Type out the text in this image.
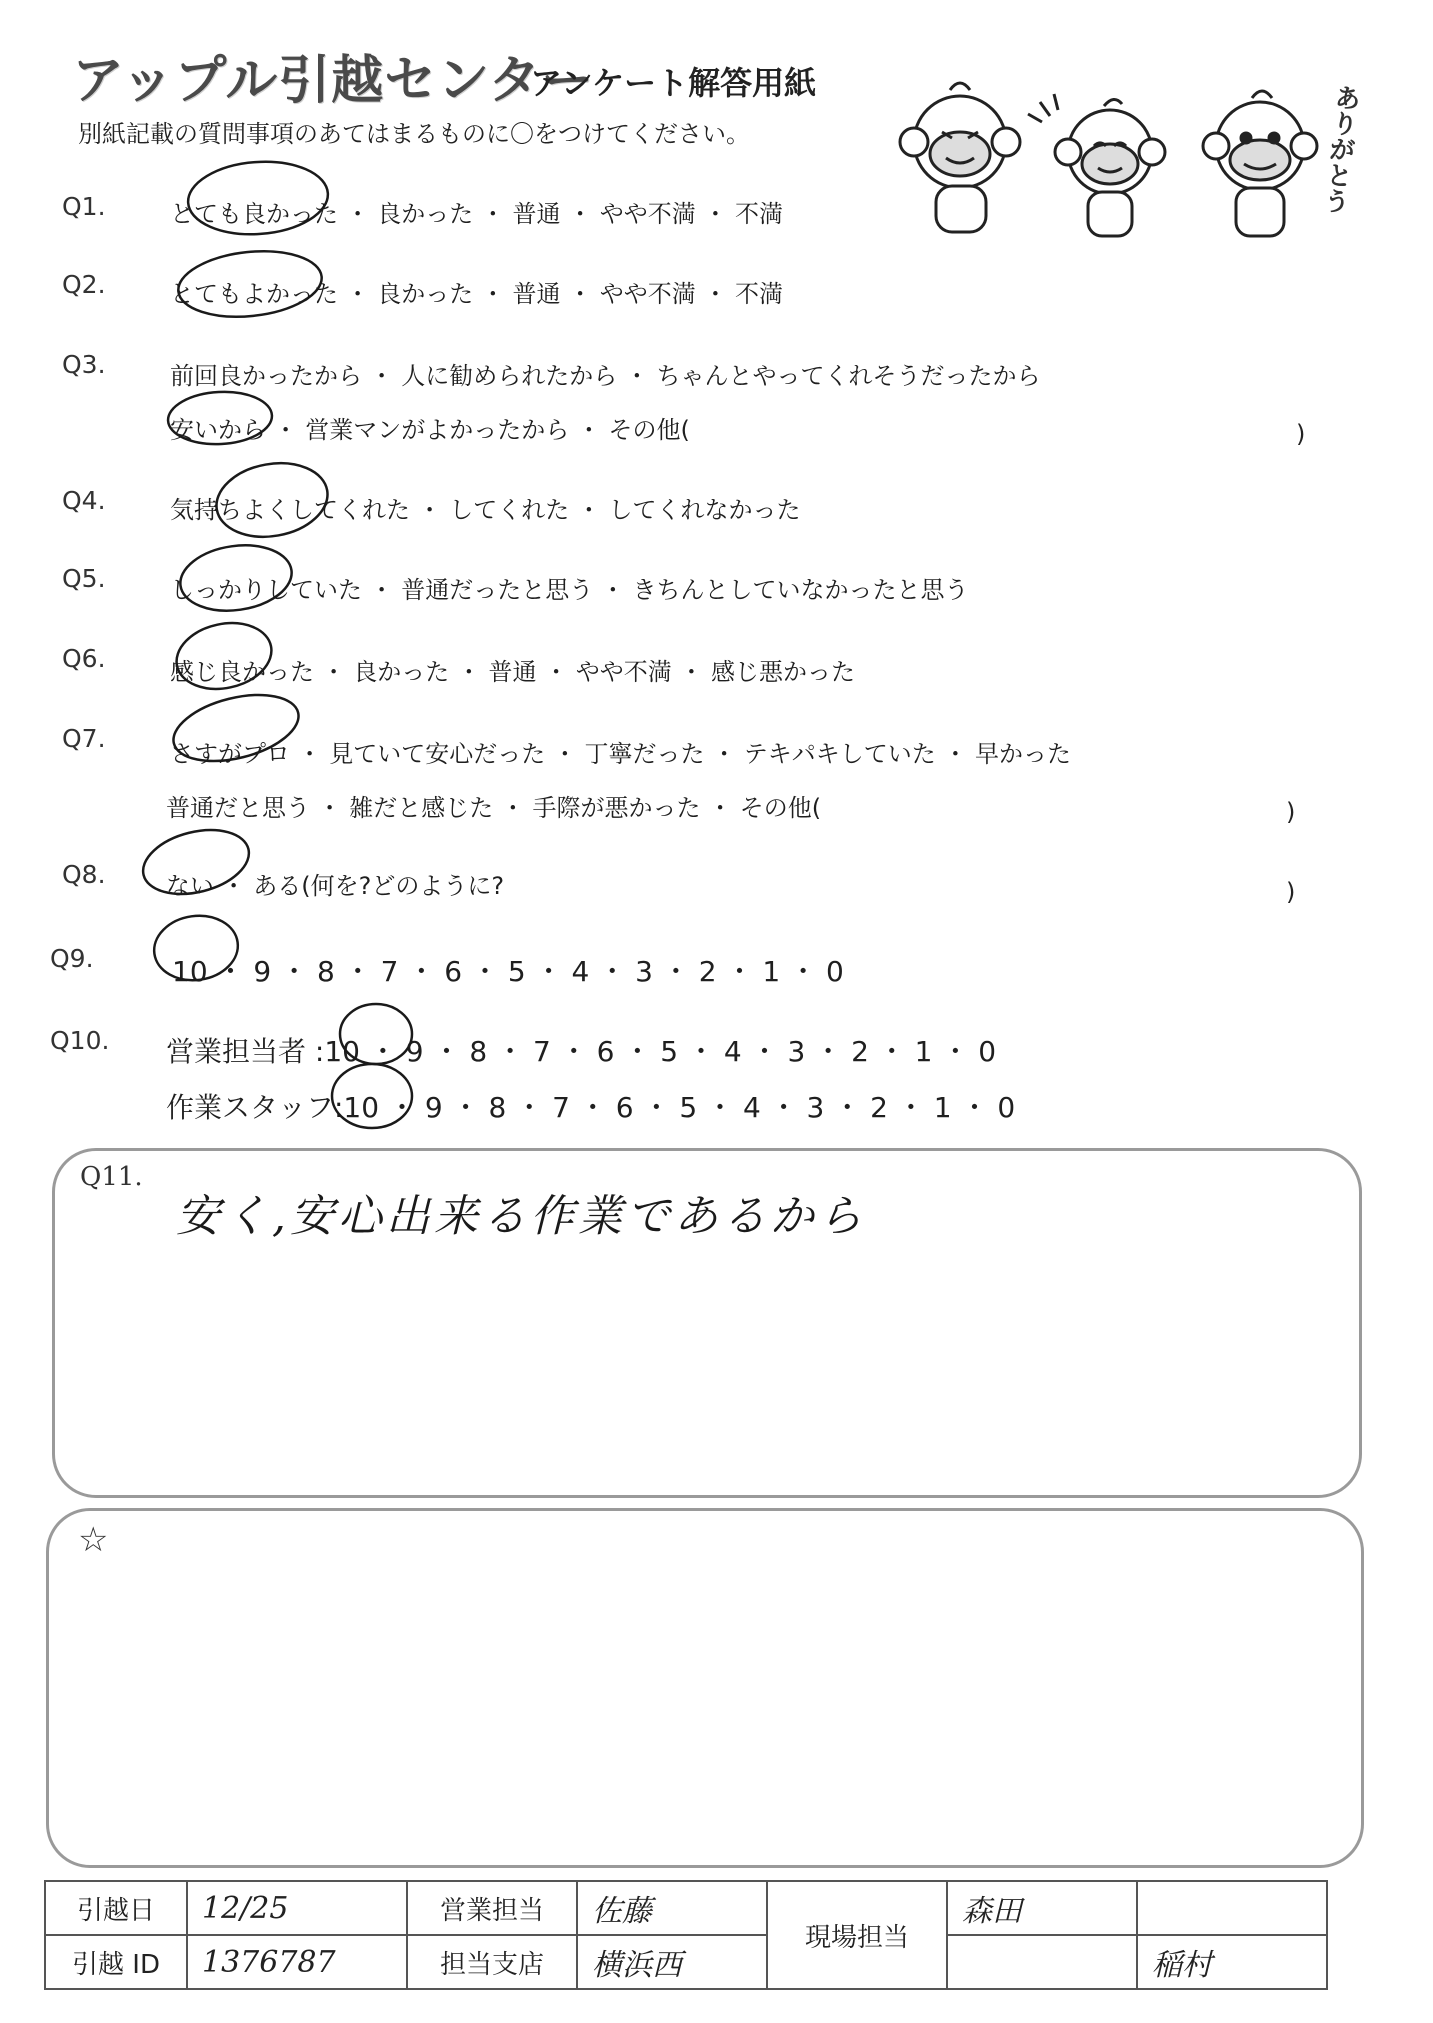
アップル引越センター
アンケート解答用紙
別紙記載の質問事項のあてはまるものに〇をつけてください。	ありがとう
Q1.	とても良かった ・ 良かった ・ 普通 ・ やや不満 ・ 不満
Q2.	とてもよかった ・ 良かった ・ 普通 ・ やや不満 ・ 不満
Q3.	前回良かったから ・ 人に勧められたから ・ ちゃんとやってくれそうだったから
安いから ・ 営業マンがよかったから ・ その他(	)
Q4.	気持ちよくしてくれた ・ してくれた ・ してくれなかった
Q5.	しっかりしていた ・ 普通だったと思う ・ きちんとしていなかったと思う
Q6.	感じ良かった ・ 良かった ・ 普通 ・ やや不満 ・ 感じ悪かった
Q7.
さすがプロ ・ 見ていて安心だった ・ 丁寧だった ・ テキパキしていた ・ 早かった
普通だと思う ・ 雑だと感じた ・ 手際が悪かった ・ その他(	)
Q8.	ない ・ ある(何を?どのように?	)
Q9.	10 ・ 9 ・ 8 ・ 7 ・ 6 ・ 5 ・ 4 ・ 3 ・ 2 ・ 1 ・ 0
Q10. 営業担当者 :10 ・ 9 ・ 8 ・ 7 ・ 6 ・ 5 ・ 4 ・ 3 ・ 2 ・ 1 ・ 0
作業スタッフ:10 ・ 9 ・ 8 ・ 7 ・ 6 ・ 5 ・ 4 ・ 3 ・ 2 ・ 1 ・ 0
Q11.
安く,安心出来る作業であるから
☆
引越日	12/25	営業担当	佐藤	現場担当	森田	
引越 ID	1376787	担当支店	横浜西			稲村
